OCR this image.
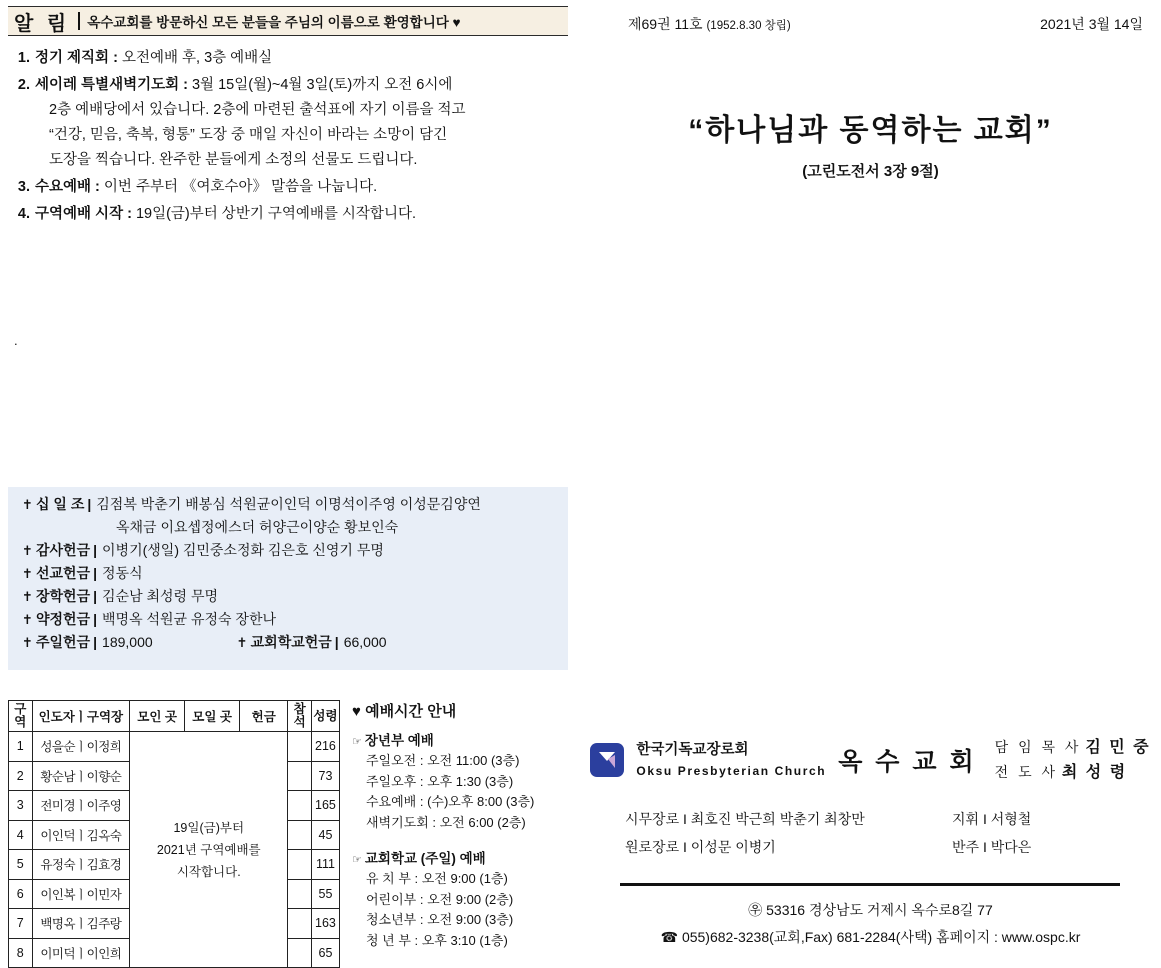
알 림	옥수교회를 방문하신 모든 분들을 주님의 이름으로 환영합니다 ♥
1. 정기 제직회 : 오전예배 후, 3층 예배실
2. 세이레 특별새벽기도회 : 3월 15일(월)~4월 3일(토)까지 오전 6시에
2층 예배당에서 있습니다. 2층에 마련된 출석표에 자기 이름을 적고
“건강, 믿음, 축복, 형통” 도장 중 매일 자신이 바라는 소망이 담긴
도장을 찍습니다. 완주한 분들에게 소정의 선물도 드립니다.
3. 수요예배 : 이번 주부터 《여호수아》 말씀을 나눕니다.
4. 구역예배 시작 : 19일(금)부터 상반기 구역예배를 시작합니다.
.
✝ 십 일 조 | 김점복 박춘기 배봉심 석원균이인덕 이명석이주영 이성문김양연
옥채금 이요셉정에스더 허양근이양순 황보인숙
✝ 감사헌금 | 이병기(생일) 김민중소정화 김은호 신영기 무명
✝ 선교헌금 | 정동식
✝ 장학헌금 | 김순남 최성령 무명
✝ 약정헌금 | 백명옥 석원균 유정숙 장한나
✝ 주일헌금 | 189,000	✝ 교회학교헌금 | 66,000
구역	인도자ㅣ구역장	모인 곳	모일 곳	헌금	참석	성령
1	성을순ㅣ이정희	19일(금)부터
2021년 구역예배를
시작합니다.				216
2	황순남ㅣ이향순					73
3	전미경ㅣ이주영					165
4	이인덕ㅣ김옥숙					45
5	유정숙ㅣ김효경					111
6	이인복ㅣ이민자					55
7	백명옥ㅣ김주랑					163
8	이미덕ㅣ이인희					65
♥ 예배시간 안내
☞ 장년부 예배
주일오전 : 오전 11:00 (3층)
주일오후 : 오후 1:30 (3층)
수요예배 : (수)오후 8:00 (3층)
새벽기도회 : 오전 6:00 (2층)
☞ 교회학교 (주일) 예배
유 치 부 : 오전 9:00 (1층)
어린이부 : 오전 9:00 (2층)
청소년부 : 오전 9:00 (3층)
청 년 부 : 오후 3:10 (1층)
제69권 11호 (1952.8.30 창립)	2021년 3월 14일
“하나님과 동역하는 교회”
(고린도전서 3장 9절)
한국기독교장로회
Oksu Presbyterian Church 옥 수 교 회
담 임 목 사 김 민 중
전 도 사 최 성 령
시무장로 I 최호진 박근희 박춘기 최창만
원로장로 I 이성문 이병기
지휘 I 서형철
반주 I 박다은
㉾ 53316 경상남도 거제시 옥수로8길 77
☎ 055)682-3238(교회,Fax) 681-2284(사택) 홈페이지 : www.ospc.kr
